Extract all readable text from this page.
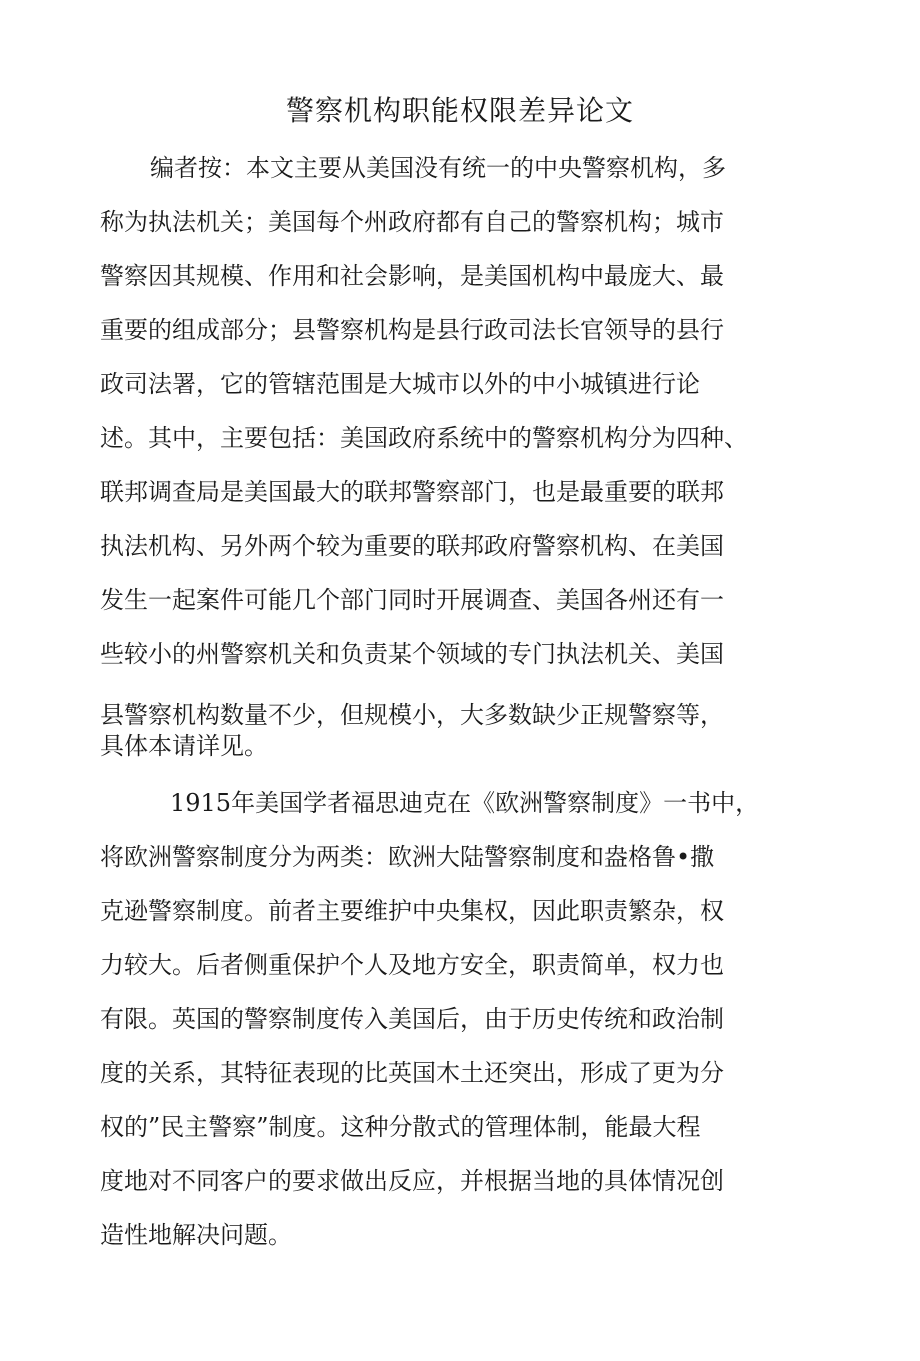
警察机构职能权限差异论文
编者按：本文主要从美国没有统一的中央警察机构，多
称为执法机关；美国每个州政府都有自己的警察机构；城市
警察因其规模、作用和社会影响，是美国机构中最庞大、最
重要的组成部分；县警察机构是县行政司法长官领导的县行
政司法署，它的管辖范围是大城市以外的中小城镇进行论
述。其中，主要包括：美国政府系统中的警察机构分为四种、
联邦调查局是美国最大的联邦警察部门，也是最重要的联邦
执法机构、另外两个较为重要的联邦政府警察机构、在美国
发生一起案件可能几个部门同时开展调查、美国各州还有一
些较小的州警察机关和负责某个领域的专门执法机关、美国
县警察机构数量不少，但规模小，大多数缺少正规警察等，
具体本请详见。
1915年美国学者福思迪克在《欧洲警察制度》一书中，
将欧洲警察制度分为两类：欧洲大陆警察制度和盎格鲁•撒
克逊警察制度。前者主要维护中央集权，因此职责繁杂，权
力较大。后者侧重保护个人及地方安全，职责简单，权力也
有限。英国的警察制度传入美国后，由于历史传统和政治制
度的关系，其特征表现的比英国木土还突出，形成了更为分
权的”民主警察”制度。这种分散式的管理体制，能最大程
度地对不同客户的要求做出反应，并根据当地的具体情况创
造性地解决问题。
